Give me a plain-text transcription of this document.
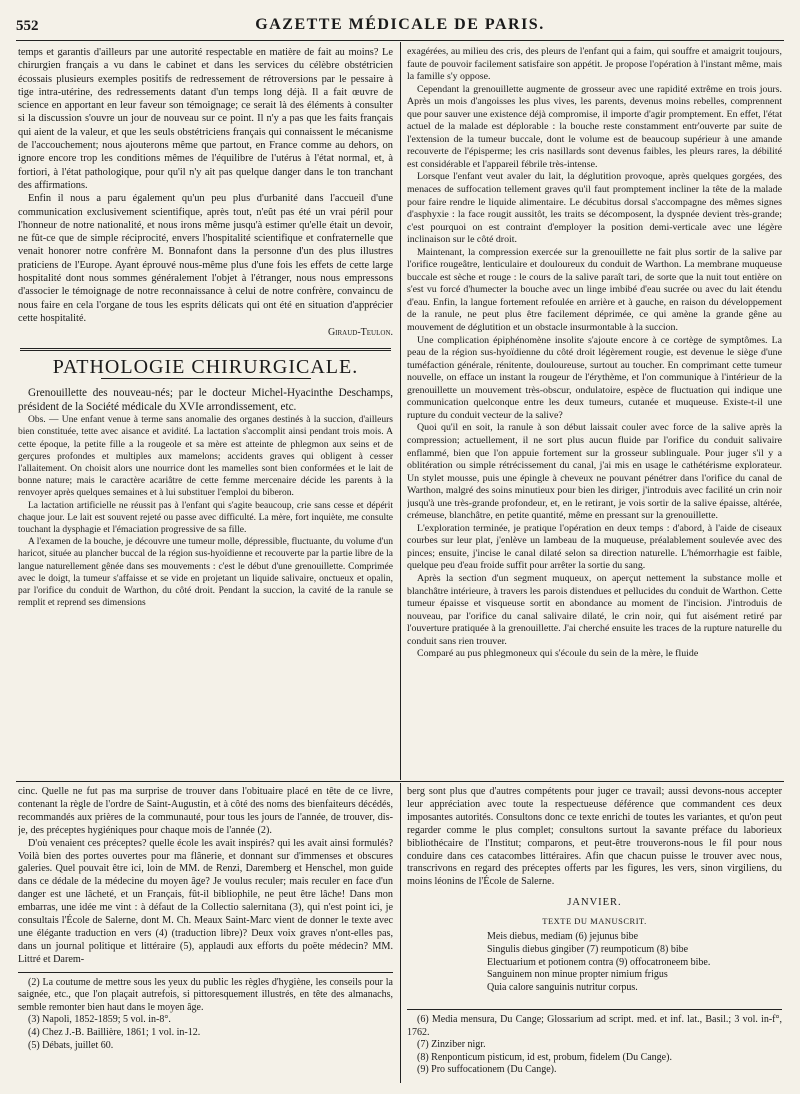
552	GAZETTE MÉDICALE DE PARIS.

temps et garantis d'ailleurs par une autorité respectable en matière de fait au moins? Le chirurgien français a vu dans le cabinet et dans les services du célèbre obstétricien écossais plusieurs exemples positifs de redressement de rétroversions par le pessaire à tige intra-utérine, des redressements datant d'un temps long déjà. Il a fait œuvre de science en apportant en leur faveur son témoignage; ce serait là des éléments à consulter si la discussion s'ouvre un jour de nouveau sur ce point. Il n'y a pas que les faits français qui aient de la valeur, et que les seuls obstétriciens français qui connaissent le mécanisme de l'accouchement; nous ajouterons même que partout, en France comme au dehors, on ignore encore trop les conditions mêmes de l'équilibre de l'utérus à l'état normal, et, à fortiori, à l'état pathologique, pour qu'il n'y ait pas quelque danger dans le ton tranchant des affirmations.

Enfin il nous a paru également qu'un peu plus d'urbanité dans l'accueil d'une communication exclusivement scientifique, après tout, n'eût pas été un vrai péril pour l'honneur de notre nationalité, et nous irons même jusqu'à estimer qu'elle était un devoir, ne fût-ce que de simple réciprocité, envers l'hospitalité scientifique et confraternelle que venait honorer notre confrère M. Bonnafont dans la personne d'un des plus illustres praticiens de l'Europe. Ayant éprouvé nous-même plus d'une fois les effets de cette large hospitalité dont nous sommes généralement l'objet à l'étranger, nous nous empressons d'associer le témoignage de notre reconnaissance à celui de notre confrère, convaincu de nous faire en cela l'organe de tous les esprits délicats qui ont été en situation d'apprécier cette hospitalité.

Giraud-Teulon.
PATHOLOGIE CHIRURGICALE.

Grenouillette des nouveau-nés; par le docteur Michel-Hyacinthe Deschamps, président de la Société médicale du XVIe arrondissement, etc.

Obs. — Une enfant venue à terme sans anomalie des organes destinés à la succion, d'ailleurs bien constituée, tette avec aisance et avidité. La lactation s'accomplit ainsi pendant trois mois. A cette époque, la petite fille a la rougeole et sa mère est atteinte de phlegmon aux seins et de gerçures profondes et multiples aux mamelons; accidents graves qui obligent à cesser l'allaitement. On choisit alors une nourrice dont les mamelles sont bien conformées et le lait de bonne nature; mais le caractère acariâtre de cette femme mercenaire décide les parents à la renvoyer après quelques semaines et à lui substituer l'emploi du biberon.

La lactation artificielle ne réussit pas à l'enfant qui s'agite beaucoup, crie sans cesse et dépérit chaque jour. Le lait est souvent rejeté ou passe avec difficulté. La mère, fort inquiète, me consulte touchant la dysphagie et l'émaciation progressive de sa fille.

A l'examen de la bouche, je découvre une tumeur molle, dépressible, fluctuante, du volume d'un haricot, située au plancher buccal de la région sus-hyoïdienne et recouverte par la partie libre de la langue naturellement gênée dans ses mouvements : c'est le début d'une grenouillette. Comprimée avec le doigt, la tumeur s'affaisse et se vide en projetant un liquide salivaire, onctueux et opalin, par l'orifice du conduit de Warthon, du côté droit. Pendant la succion, la cavité de la ranule se remplit et reprend ses dimensions

exagérées, au milieu des cris, des pleurs de l'enfant qui a faim, qui souffre et amaigrit toujours, faute de pouvoir facilement satisfaire son appétit. Je propose l'opération à l'instant même, mais la famille s'y oppose.

Cependant la grenouillette augmente de grosseur avec une rapidité extrême en trois jours. Après un mois d'angoisses les plus vives, les parents, devenus moins rebelles, comprennent que pour sauver une existence déjà compromise, il importe d'agir promptement. En effet, l'état actuel de la malade est déplorable : la bouche reste constamment entr'ouverte par suite de l'extension de la tumeur buccale, dont le volume est de beaucoup supérieur à une amande recouverte de l'épisperme; les cris nasillards sont devenus faibles, les pleurs rares, la débilité est considérable et l'appareil fébrile très-intense.

Lorsque l'enfant veut avaler du lait, la déglutition provoque, après quelques gorgées, des menaces de suffocation tellement graves qu'il faut promptement incliner la tête de la malade pour faire rendre le liquide alimentaire. Le décubitus dorsal s'accompagne des mêmes signes d'asphyxie : la face rougit aussitôt, les traits se décomposent, la dyspnée devient très-grande; c'est pourquoi on est contraint d'employer la position demi-verticale avec une légère inclinaison sur le côté droit.

Maintenant, la compression exercée sur la grenouillette ne fait plus sortir de la salive par l'orifice rougeâtre, lenticulaire et douloureux du conduit de Warthon. La membrane muqueuse buccale est sèche et rouge : le cours de la salive paraît tari, de sorte que la nuit tout entière on s'est vu forcé d'humecter la bouche avec un linge imbibé d'eau sucrée ou avec du lait étendu d'eau. Enfin, la langue fortement refoulée en arrière et à gauche, en raison du développement de la ranule, ne peut plus être facilement déprimée, ce qui amène la grande gêne au mouvement de déglutition et un obstacle insurmontable à la succion.

Une complication épiphénomène insolite s'ajoute encore à ce cortège de symptômes. La peau de la région sus-hyoïdienne du côté droit légèrement rougie, est devenue le siège d'une tuméfaction générale, rénitente, douloureuse, surtout au toucher. En comprimant cette tumeur nouvelle, on efface un instant la rougeur de l'érythème, et l'on communique à l'intérieur de la grenouillette un mouvement très-obscur, ondulatoire, espèce de fluctuation qui indique une communication quelconque entre les deux tumeurs, cutanée et muqueuse. Existe-t-il une rupture du conduit vecteur de la salive?

Quoi qu'il en soit, la ranule à son début laissait couler avec force de la salive après la compression; actuellement, il ne sort plus aucun fluide par l'orifice du conduit salivaire enflammé, bien que l'on appuie fortement sur la grosseur sublinguale. Pour juger s'il y a oblitération ou simple rétrécissement du canal, j'ai mis en usage le cathétérisme explorateur. Un stylet mousse, puis une épingle à cheveux ne pouvant pénétrer dans l'orifice du canal de Warthon, malgré des soins minutieux pour bien les diriger, j'introduis avec facilité un crin noir jusqu'à une très-grande profondeur, et, en le retirant, je vois sortir de la salive épaisse, altérée, crémeuse, blanchâtre, en petite quantité, même en pressant sur la grenouillette.

L'exploration terminée, je pratique l'opération en deux temps : d'abord, à l'aide de ciseaux courbes sur leur plat, j'enlève un lambeau de la muqueuse, préalablement soulevée avec des pinces; ensuite, j'incise le canal dilaté selon sa direction naturelle. L'hémorrhagie est faible, quelque peu d'eau froide suffit pour arrêter la sortie du sang.

Après la section d'un segment muqueux, on aperçut nettement la substance molle et blanchâtre intérieure, à travers les parois distendues et pellucides du conduit de Warthon. Cette tumeur épaisse et visqueuse sortit en abondance au moment de l'incision. J'introduis de nouveau, par l'orifice du canal salivaire dilaté, le crin noir, qui fut aisément retiré par l'ouverture pratiquée à la grenouillette. J'ai cherché ensuite les traces de la rupture naturelle du conduit sans rien trouver.

Comparé au pus phlegmoneux qui s'écoule du sein de la mère, le fluide

cinc. Quelle ne fut pas ma surprise de trouver dans l'obituaire placé en tête de ce livre, contenant la règle de l'ordre de Saint-Augustin, et à côté des noms des bienfaiteurs décédés, recommandés aux prières de la communauté, pour tous les jours de l'année, de trouver, dis-je, des préceptes hygiéniques pour chaque mois de l'année (2).

D'où venaient ces préceptes? quelle école les avait inspirés? qui les avait ainsi formulés? Voilà bien des portes ouvertes pour ma flânerie, et donnant sur d'immenses et obscures galeries. Quel pouvait être ici, loin de MM. de Renzi, Daremberg et Henschel, mon guide dans ce dédale de la médecine du moyen âge? Je voulus reculer; mais reculer en face d'un danger est une lâcheté, et un Français, fût-il bibliophile, ne peut être lâche! Dans mon embarras, une idée me vint : à défaut de la Collectio salernitana (3), qui n'est point ici, je consultais l'École de Salerne, dont M. Ch. Meaux Saint-Marc vient de donner le texte avec une élégante traduction en vers (4) (traduction libre)? Deux voix graves n'ont-elles pas, dans un journal politique et littéraire (5), applaudi aux efforts du poëte médecin? MM. Littré et Darem-

(2) La coutume de mettre sous les yeux du public les règles d'hygiène, les conseils pour la saignée, etc., que l'on plaçait autrefois, si pittoresquement illustrés, en tête des almanachs, semble remonter bien haut dans le moyen âge.

(3) Napoli, 1852-1859; 5 vol. in-8°.

(4) Chez J.-B. Baillière, 1861; 1 vol. in-12.

(5) Débats, juillet 60.

berg sont plus que d'autres compétents pour juger ce travail; aussi devons-nous accepter leur appréciation avec toute la respectueuse déférence que commandent ces deux imposantes autorités. Consultons donc ce texte enrichi de toutes les variantes, et qu'on peut regarder comme le plus complet; consultons surtout la savante préface du laborieux bibliothécaire de l'Institut; comparons, et peut-être trouverons-nous le fil pour nous conduire dans ces catacombes littéraires. Afin que chacun puisse le trouver avec nous, transcrivons en regard des préceptes offerts par les figures, les vers, sinon virgiliens, du moins léonins de l'École de Salerne.

JANVIER.
TEXTE DU MANUSCRIT.
Meis diebus, mediam (6) jejunus bibe
Singulis diebus gingiber (7) reumpoticum (8) bibe
Electuarium et potionem contra (9) offocatroneem bibe.
Sanguinem non minue propter nimium frigus
Quia calore sanguinis nutritur corpus.

(6) Media mensura, Du Cange; Glossarium ad script. med. et inf. lat., Basil.; 3 vol. in-f°, 1762.

(7) Zinziber nigr.

(8) Renponticum pisticum, id est, probum, fidelem (Du Cange).

(9) Pro suffocationem (Du Cange).
